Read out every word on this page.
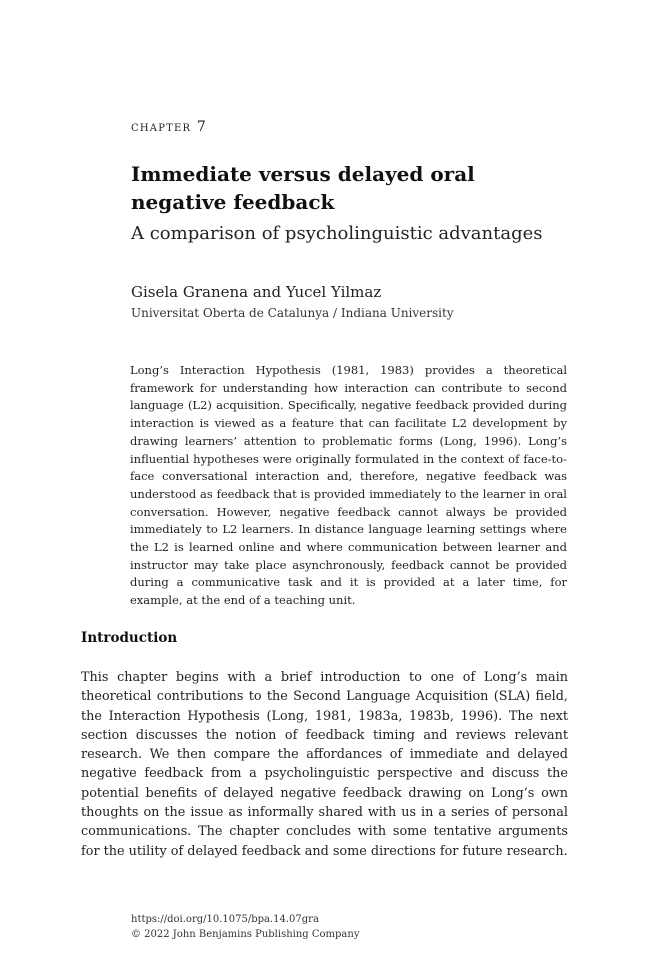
chapter 7
Immediate versus delayed oral negative feedback
A comparison of psycholinguistic advantages
Gisela Granena and Yucel Yilmaz
Universitat Oberta de Catalunya / Indiana University
Long’s Interaction Hypothesis (1981, 1983) provides a theoretical framework for understanding how interaction can contribute to second language (L2) acquisition. Specifically, negative feedback provided during interaction is viewed as a feature that can facilitate L2 development by drawing learners’ attention to problematic forms (Long, 1996). Long’s influential hypotheses were originally formulated in the context of face-to-face conversational interaction and, therefore, negative feedback was understood as feedback that is provided immediately to the learner in oral conversation. However, negative feedback cannot always be provided immediately to L2 learners. In distance language learning settings where the L2 is learned online and where communication between learner and instructor may take place asynchronously, feedback cannot be provided during a communicative task and it is provided at a later time, for example, at the end of a teaching unit.
Introduction
This chapter begins with a brief introduction to one of Long’s main theoretical contributions to the Second Language Acquisition (SLA) field, the Interaction Hypothesis (Long, 1981, 1983a, 1983b, 1996). The next section discusses the notion of feedback timing and reviews relevant research. We then compare the affordances of immediate and delayed negative feedback from a psycholinguistic perspective and discuss the potential benefits of delayed negative feedback drawing on Long’s own thoughts on the issue as informally shared with us in a series of personal communications. The chapter concludes with some tentative arguments for the utility of delayed feedback and some directions for future research.
https://doi.org/10.1075/bpa.14.07gra
© 2022 John Benjamins Publishing Company
